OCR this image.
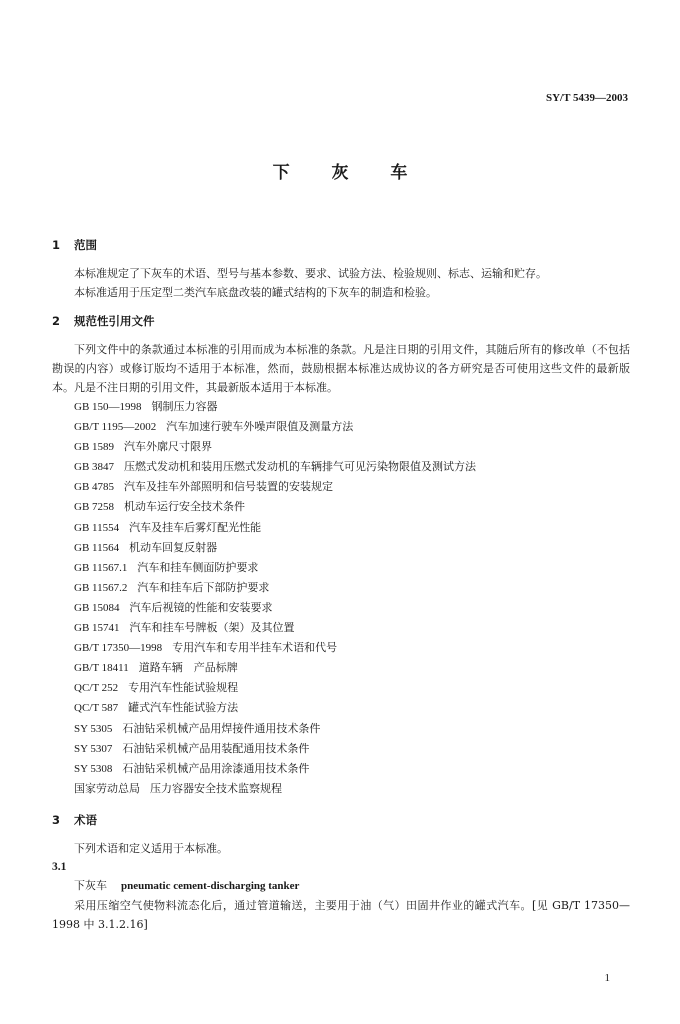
SY/T 5439—2003
下 灰 车
1 范围

本标准规定了下灰车的术语、型号与基本参数、要求、试验方法、检验规则、标志、运输和贮存。

本标准适用于压定型二类汽车底盘改装的罐式结构的下灰车的制造和检验。

2 规范性引用文件

下列文件中的条款通过本标准的引用而成为本标准的条款。凡是注日期的引用文件，其随后所有的修改单（不包括勘误的内容）或修订版均不适用于本标准，然而，鼓励根据本标准达成协议的各方研究是否可使用这些文件的最新版本。凡是不注日期的引用文件，其最新版本适用于本标准。

GB 150—1998 钢制压力容器

GB/T 1195—2002 汽车加速行驶车外噪声限值及测量方法

GB 1589 汽车外廓尺寸限界

GB 3847 压燃式发动机和装用压燃式发动机的车辆排气可见污染物限值及测试方法

GB 4785 汽车及挂车外部照明和信号装置的安装规定

GB 7258 机动车运行安全技术条件

GB 11554 汽车及挂车后雾灯配光性能

GB 11564 机动车回复反射器

GB 11567.1 汽车和挂车侧面防护要求

GB 11567.2 汽车和挂车后下部防护要求

GB 15084 汽车后视镜的性能和安装要求

GB 15741 汽车和挂车号牌板（架）及其位置

GB/T 17350—1998 专用汽车和专用半挂车术语和代号

GB/T 18411 道路车辆　产品标牌

QC/T 252 专用汽车性能试验规程

QC/T 587 罐式汽车性能试验方法

SY 5305 石油钻采机械产品用焊接件通用技术条件

SY 5307 石油钻采机械产品用装配通用技术条件

SY 5308 石油钻采机械产品用涂漆通用技术条件

国家劳动总局 压力容器安全技术监察规程

3 术语

下列术语和定义适用于本标准。

3.1

下灰车 pneumatic cement-discharging tanker

采用压缩空气使物料流态化后，通过管道输送，主要用于油（气）田固井作业的罐式汽车。[见 GB/T 17350—1998 中 3.1.2.16]

1
